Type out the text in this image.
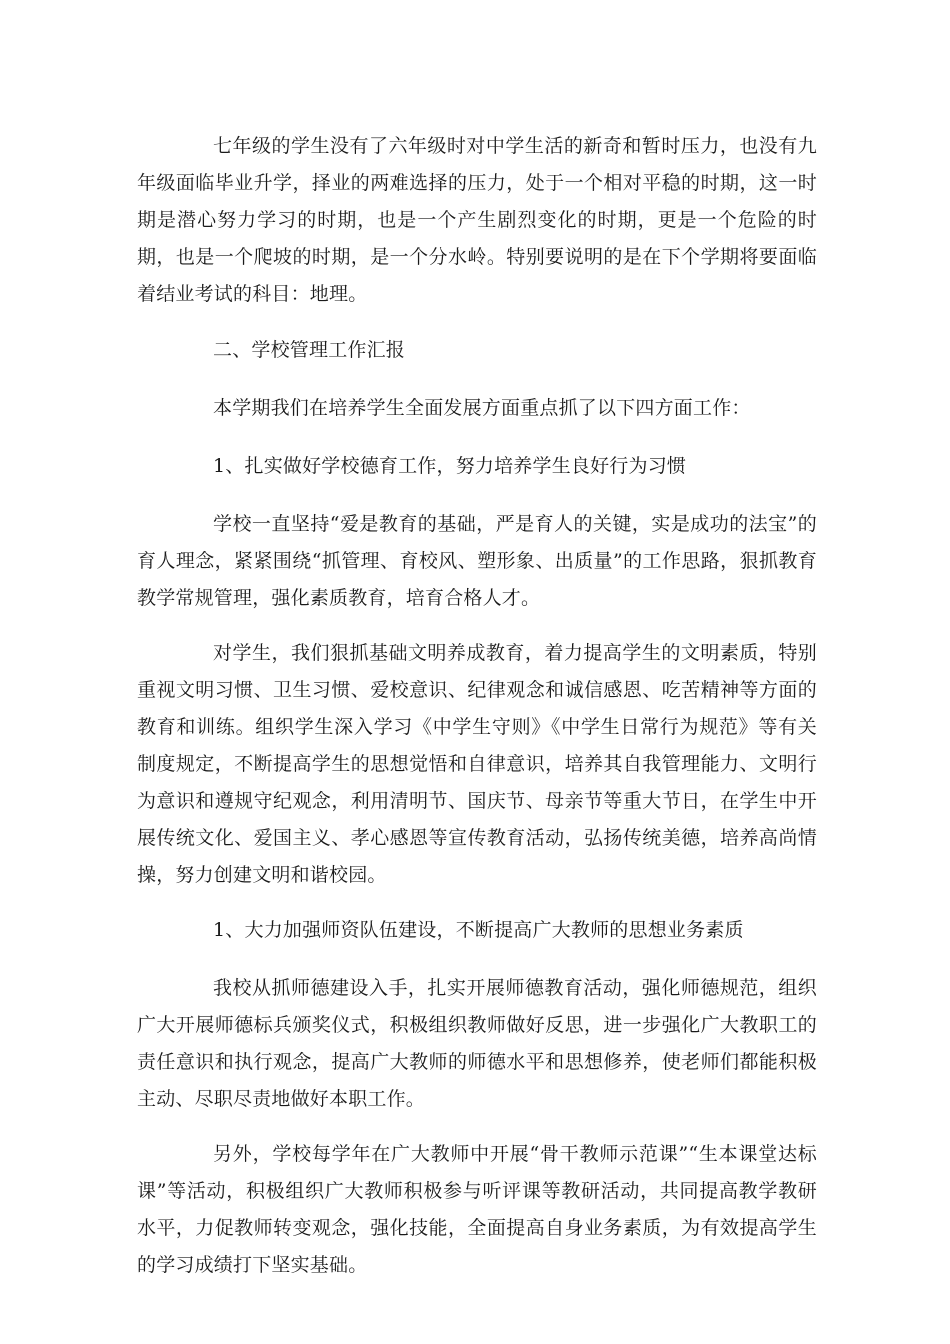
七年级的学生没有了六年级时对中学生活的新奇和暂时压力，也没有九年级面临毕业升学，择业的两难选择的压力，处于一个相对平稳的时期，这一时期是潜心努力学习的时期，也是一个产生剧烈变化的时期，更是一个危险的时期，也是一个爬坡的时期，是一个分水岭。特别要说明的是在下个学期将要面临着结业考试的科目：地理。

二、学校管理工作汇报

本学期我们在培养学生全面发展方面重点抓了以下四方面工作：

1、扎实做好学校德育工作，努力培养学生良好行为习惯

学校一直坚持“爱是教育的基础，严是育人的关键，实是成功的法宝”的育人理念，紧紧围绕“抓管理、育校风、塑形象、出质量”的工作思路，狠抓教育教学常规管理，强化素质教育，培育合格人才。

对学生，我们狠抓基础文明养成教育，着力提高学生的文明素质，特别重视文明习惯、卫生习惯、爱校意识、纪律观念和诚信感恩、吃苦精神等方面的教育和训练。组织学生深入学习《中学生守则》《中学生日常行为规范》等有关制度规定，不断提高学生的思想觉悟和自律意识，培养其自我管理能力、文明行为意识和遵规守纪观念，利用清明节、国庆节、母亲节等重大节日，在学生中开展传统文化、爱国主义、孝心感恩等宣传教育活动，弘扬传统美德，培养高尚情操，努力创建文明和谐校园。

1、大力加强师资队伍建设，不断提高广大教师的思想业务素质

我校从抓师德建设入手，扎实开展师德教育活动，强化师德规范，组织广大开展师德标兵颁奖仪式，积极组织教师做好反思，进一步强化广大教职工的责任意识和执行观念，提高广大教师的师德水平和思想修养，使老师们都能积极主动、尽职尽责地做好本职工作。

另外，学校每学年在广大教师中开展“骨干教师示范课”“生本课堂达标课”等活动，积极组织广大教师积极参与听评课等教研活动，共同提高教学教研水平，力促教师转变观念，强化技能，全面提高自身业务素质，为有效提高学生的学习成绩打下坚实基础。
